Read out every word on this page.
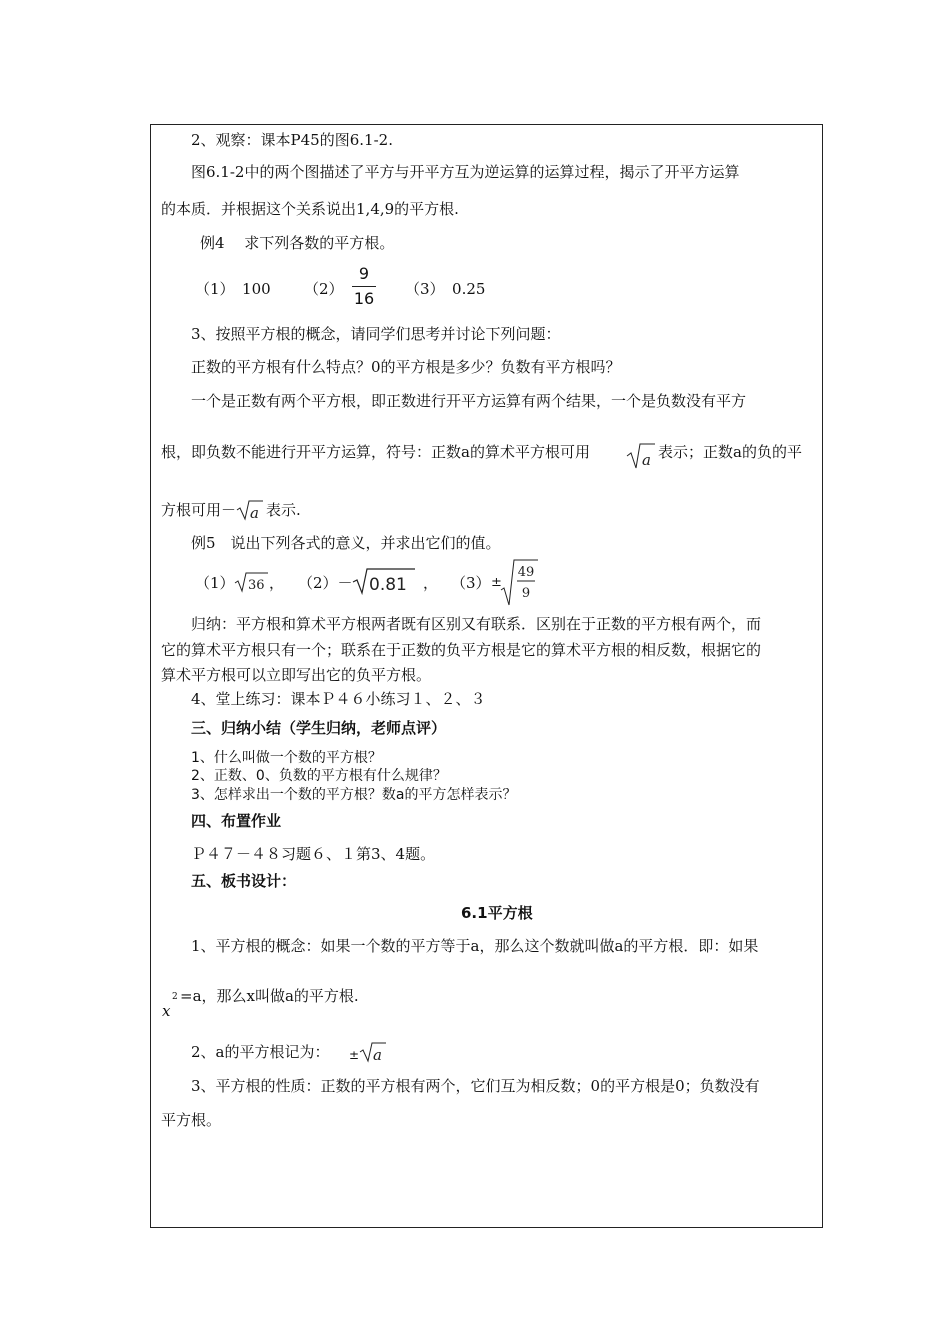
2、观察：课本P45的图6.1-2.
图6.1-2中的两个图描述了平方与开平方互为逆运算的运算过程，揭示了开平方运算
的本质．并根据这个关系说出1,4,9的平方根.
例4　 求下列各数的平方根。
（1）　100 （2）
9
16 （3）　0.25
3、按照平方根的概念，请同学们思考并讨论下列问题：
正数的平方根有什么特点？0的平方根是多少？负数有平方根吗？
一个是正数有两个平方根，即正数进行开平方运算有两个结果，一个是负数没有平方
根，即负数不能进行开平方运算，符号：正数a的算术平方根可用	a 表示；正数a的负的平
方根可用－ a 表示.
例5　说出下列各式的意义，并求出它们的值。
（1） 36 ， （2）－ 0.81 ， （3） ±
49
9
归纳：平方根和算术平方根两者既有区别又有联系．区别在于正数的平方根有两个，而
它的算术平方根只有一个；联系在于正数的负平方根是它的算术平方根的相反数，根据它的
算术平方根可以立即写出它的负平方根。
4、堂上练习：课本Ｐ４６小练习１、２、３
三、归纳小结（学生归纳，老师点评）
1、什么叫做一个数的平方根？
2、正数、0、负数的平方根有什么规律？
3、怎样求出一个数的平方根？数a的平方怎样表示？
四、布置作业
Ｐ４７－４８习题６、１第3、4题。
五、板书设计：
6.1平方根
1、平方根的概念：如果一个数的平方等于a，那么这个数就叫做a的平方根．即：如果
x
2 =a，那么x叫做a的平方根.
2、a的平方根记为： ± a
3、平方根的性质：正数的平方根有两个，它们互为相反数；0的平方根是0；负数没有
平方根。
